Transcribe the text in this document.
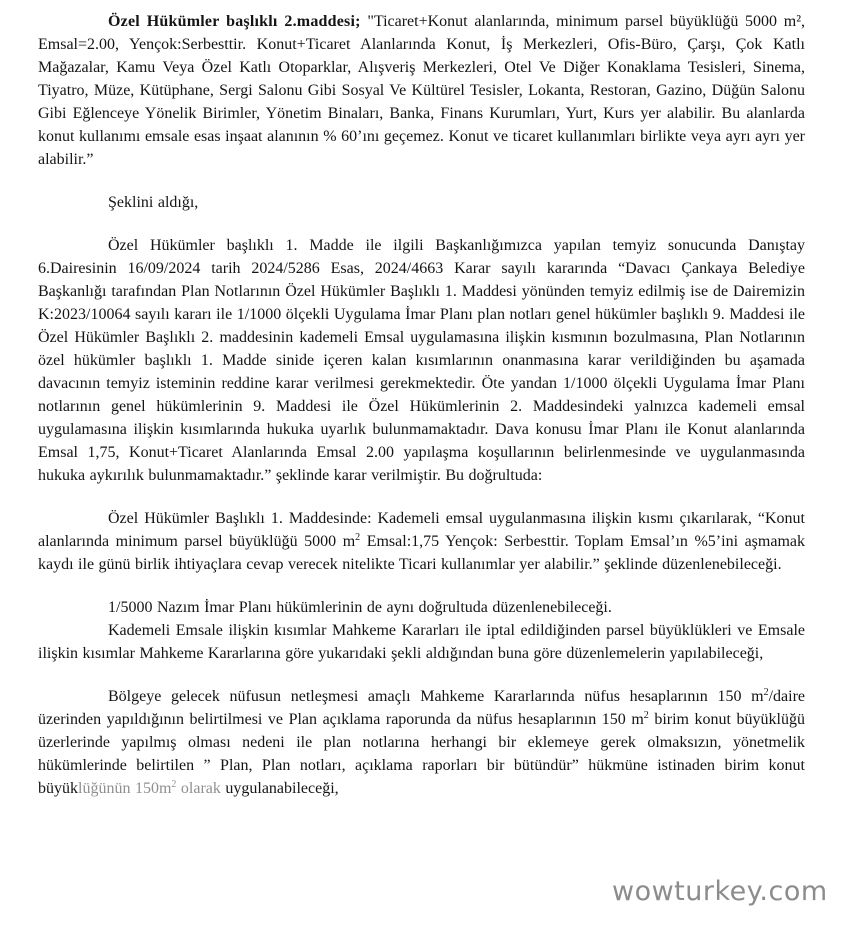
Özel Hükümler başlıklı 2.maddesi; "Ticaret+Konut alanlarında, minimum parsel büyüklüğü 5000 m², Emsal=2.00, Yençok:Serbesttir. Konut+Ticaret Alanlarında Konut, İş Merkezleri, Ofis-Büro, Çarşı, Çok Katlı Mağazalar, Kamu Veya Özel Katlı Otoparklar, Alışveriş Merkezleri, Otel Ve Diğer Konaklama Tesisleri, Sinema, Tiyatro, Müze, Kütüphane, Sergi Salonu Gibi Sosyal Ve Kültürel Tesisler, Lokanta, Restoran, Gazino, Düğün Salonu Gibi Eğlenceye Yönelik Birimler, Yönetim Binaları, Banka, Finans Kurumları, Yurt, Kurs yer alabilir. Bu alanlarda konut kullanımı emsale esas inşaat alanının % 60’ını geçemez. Konut ve ticaret kullanımları birlikte veya ayrı ayrı yer alabilir.”

Şeklini aldığı,

Özel Hükümler başlıklı 1. Madde ile ilgili Başkanlığımızca yapılan temyiz sonucunda Danıştay 6.Dairesinin 16/09/2024 tarih 2024/5286 Esas, 2024/4663 Karar sayılı kararında “Davacı Çankaya Belediye Başkanlığı tarafından Plan Notlarının Özel Hükümler Başlıklı 1. Maddesi yönünden temyiz edilmiş ise de Dairemizin K:2023/10064 sayılı kararı ile 1/1000 ölçekli Uygulama İmar Planı plan notları genel hükümler başlıklı 9. Maddesi ile Özel Hükümler Başlıklı 2. maddesinin kademeli Emsal uygulamasına ilişkin kısmının bozulmasına, Plan Notlarının özel hükümler başlıklı 1. Madde sinide içeren kalan kısımlarının onanmasına karar verildiğinden bu aşamada davacının temyiz isteminin reddine karar verilmesi gerekmektedir. Öte yandan 1/1000 ölçekli Uygulama İmar Planı notlarının genel hükümlerinin 9. Maddesi ile Özel Hükümlerinin 2. Maddesindeki yalnızca kademeli emsal uygulamasına ilişkin kısımlarında hukuka uyarlık bulunmamaktadır. Dava konusu İmar Planı ile Konut alanlarında Emsal 1,75, Konut+Ticaret Alanlarında Emsal 2.00 yapılaşma koşullarının belirlenmesinde ve uygulanmasında hukuka aykırılık bulunmamaktadır.” şeklinde karar verilmiştir. Bu doğrultuda:

Özel Hükümler Başlıklı 1. Maddesinde: Kademeli emsal uygulanmasına ilişkin kısmı çıkarılarak, “Konut alanlarında minimum parsel büyüklüğü 5000 $m^2$ Emsal:1,75 Yençok: Serbesttir. Toplam Emsal’ın %5’ini aşmamak kaydı ile günü birlik ihtiyaçlara cevap verecek nitelikte Ticari kullanımlar yer alabilir.” şeklinde düzenlenebileceği.

1/5000 Nazım İmar Planı hükümlerinin de aynı doğrultuda düzenlenebileceği.

Kademeli Emsale ilişkin kısımlar Mahkeme Kararları ile iptal edildiğinden parsel büyüklükleri ve Emsale ilişkin kısımlar Mahkeme Kararlarına göre yukarıdaki şekli aldığından buna göre düzenlemelerin yapılabileceği,

Bölgeye gelecek nüfusun netleşmesi amaçlı Mahkeme Kararlarında nüfus hesaplarının 150 $m^2$/daire üzerinden yapıldığının belirtilmesi ve Plan açıklama raporunda da nüfus hesaplarının 150 $m^2$ birim konut büyüklüğü üzerlerinde yapılmış olması nedeni ile plan notlarına herhangi bir eklemeye gerek olmaksızın, yönetmelik hükümlerinde belirtilen ” Plan, Plan notları, açıklama raporları bir bütündür” hükmüne istinaden birim konut büyüklüğünün $150m^2$ olarak uygulanabileceği,

wowturkey.com
